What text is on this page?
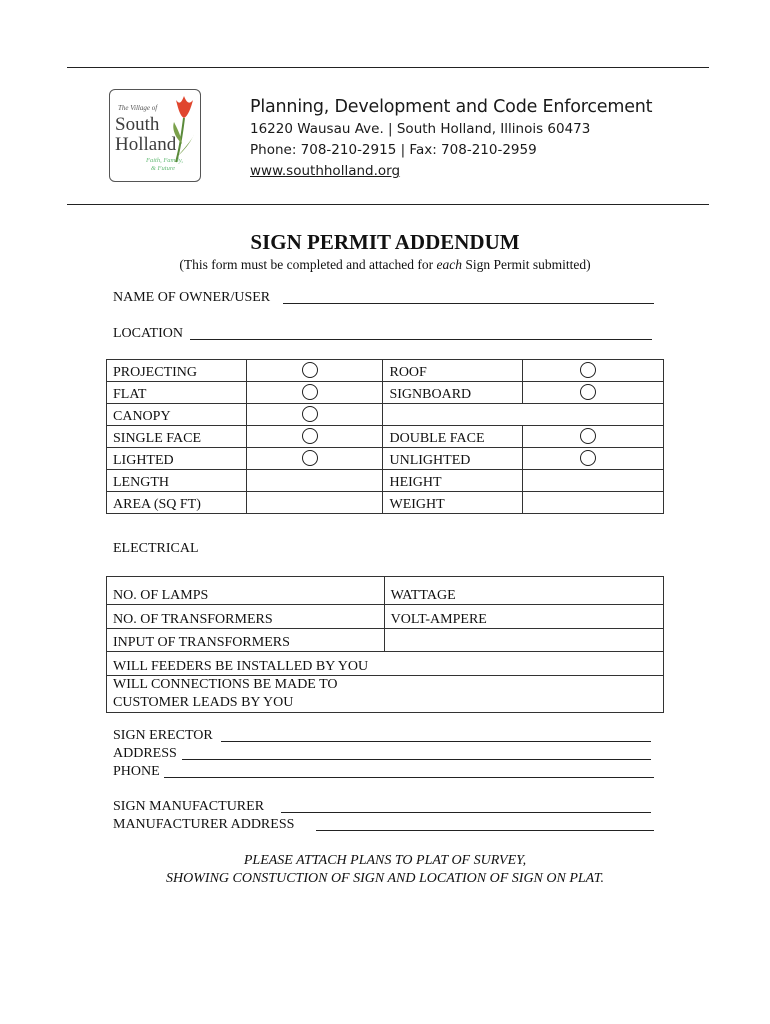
The Village of
South
Holland
Faith, Family,
& Future
Planning, Development and Code Enforcement
16220 Wausau Ave. | South Holland, Illinois 60473
Phone: 708-210-2915 | Fax: 708-210-2959
www.southholland.org
SIGN PERMIT ADDENDUM
(This form must be completed and attached for each Sign Permit submitted)
NAME OF OWNER/USER
LOCATION
PROJECTING		ROOF	
FLAT		SIGNBOARD	
CANOPY			
SINGLE FACE		DOUBLE FACE	
LIGHTED		UNLIGHTED	
LENGTH		HEIGHT	
AREA (SQ FT)		WEIGHT	
ELECTRICAL
NO. OF LAMPS	WATTAGE
NO. OF TRANSFORMERS	VOLT-AMPERE
INPUT OF TRANSFORMERS	
WILL FEEDERS BE INSTALLED BY YOU	
WILL CONNECTIONS BE MADE TO
CUSTOMER LEADS BY YOU	
SIGN ERECTOR
ADDRESS
PHONE
SIGN MANUFACTURER
MANUFACTURER ADDRESS
PLEASE ATTACH PLANS TO PLAT OF SURVEY,
SHOWING CONSTUCTION OF SIGN AND LOCATION OF SIGN ON PLAT.
